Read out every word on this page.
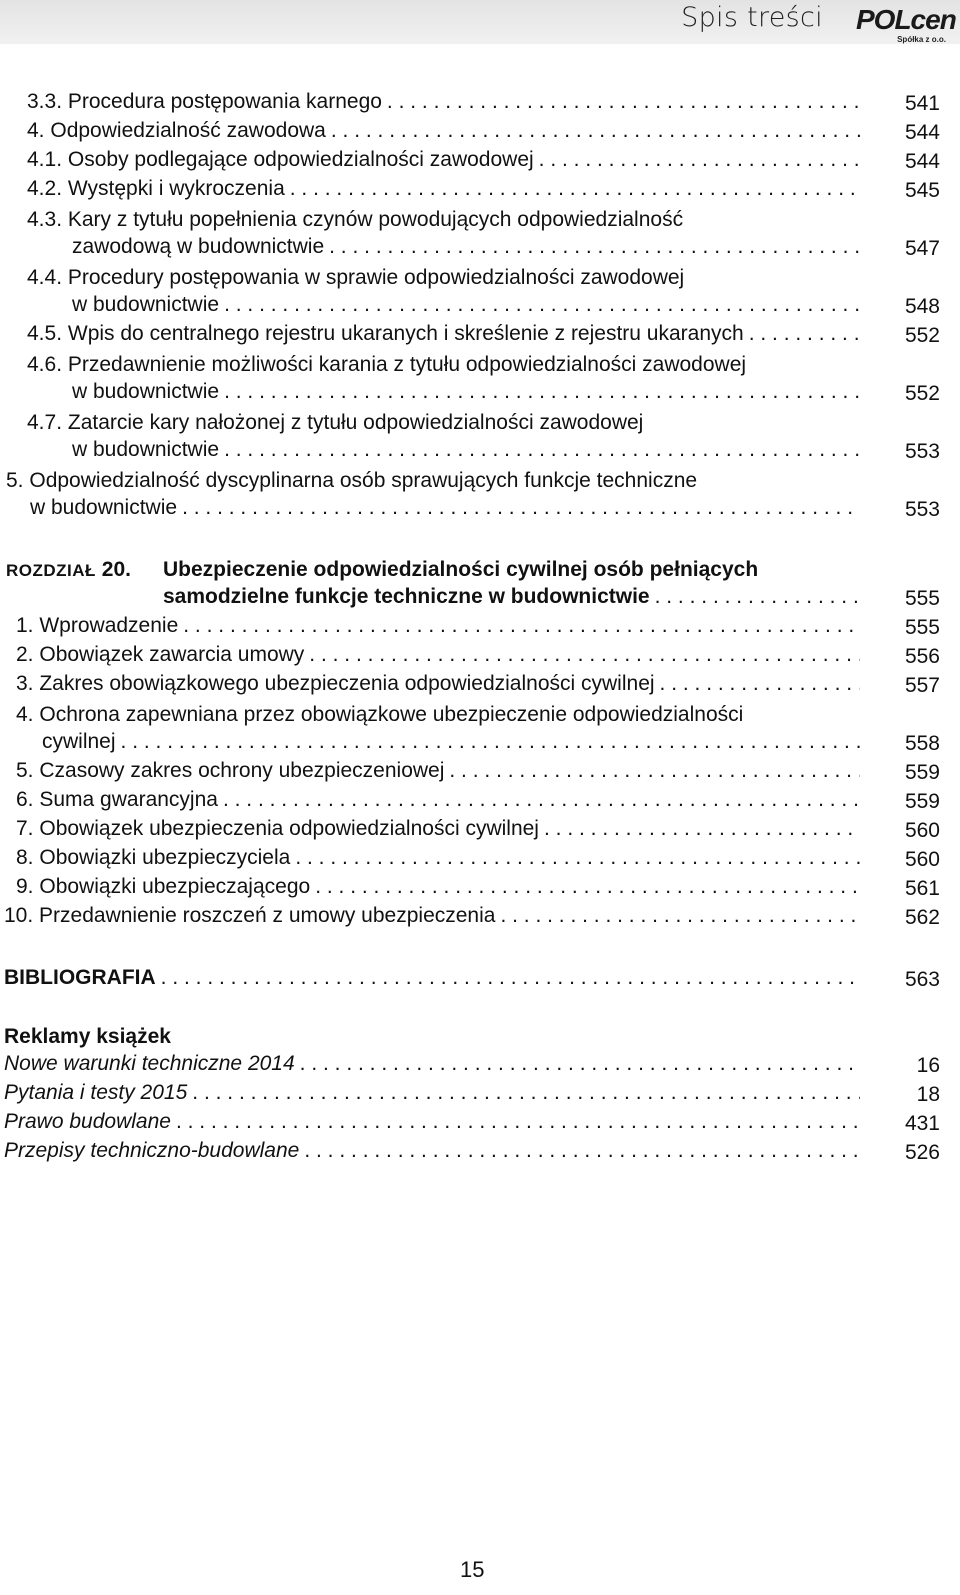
Spis treści POLcen
Spółka z o.o.
3.3. Procedura postępowania karnego . . .	541
4. Odpowiedzialność zawodowa . . .	544
4.1. Osoby podlegające odpowiedzialności zawodowej . . .	544
4.2. Występki i wykroczenia . . .	545
4.3. Kary z tytułu popełnienia czynów powodujących odpowiedzialność
zawodową w budownictwie . . .	547
4.4. Procedury postępowania w sprawie odpowiedzialności zawodowej
w budownictwie . . .	548
4.5. Wpis do centralnego rejestru ukaranych i skreślenie z rejestru ukaranych . . .	552
4.6. Przedawnienie możliwości karania z tytułu odpowiedzialności zawodowej
w budownictwie . . .	552
4.7. Zatarcie kary nałożonej z tytułu odpowiedzialności zawodowej
w budownictwie . . .	553
5. Odpowiedzialność dyscyplinarna osób sprawujących funkcje techniczne
w budownictwie . . .	553
ROZDZIAŁ 20. Ubezpieczenie odpowiedzialności cywilnej osób pełniących
samodzielne funkcje techniczne w budownictwie . . .	555
1. Wprowadzenie . . .	555
2. Obowiązek zawarcia umowy . . .	556
3. Zakres obowiązkowego ubezpieczenia odpowiedzialności cywilnej . . .	557
4. Ochrona zapewniana przez obowiązkowe ubezpieczenie odpowiedzialności
cywilnej . . .	558
5. Czasowy zakres ochrony ubezpieczeniowej . . .	559
6. Suma gwarancyjna . . .	559
7. Obowiązek ubezpieczenia odpowiedzialności cywilnej . . .	560
8. Obowiązki ubezpieczyciela . . .	560
9. Obowiązki ubezpieczającego . . .	561
10. Przedawnienie roszczeń z umowy ubezpieczenia . . .	562
BIBLIOGRAFIA . . .	563
Reklamy książek
Nowe warunki techniczne 2014 . . .	16
Pytania i testy 2015 . . .	18
Prawo budowlane . . .	431
Przepisy techniczno-budowlane . . .	526
15
